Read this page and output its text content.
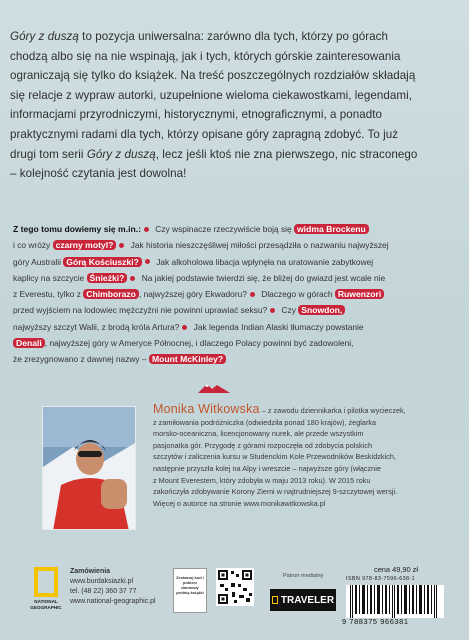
Góry z duszą to pozycja uniwersalna: zarówno dla tych, którzy po górach
chodzą albo się na nie wspinają, jak i tych, których górskie zainteresowania
ograniczają się tylko do książek. Na treść poszczególnych rozdziałów składają
się relacje z wypraw autorki, uzupełnione wieloma ciekawostkami, legendami,
informacjami przyrodniczymi, historycznymi, etnograficznymi, a ponadto
praktycznymi radami dla tych, którzy opisane góry zapragną zdobyć. To już
drugi tom serii Góry z duszą, lecz jeśli ktoś nie zna pierwszego, nic straconego
– kolejność czytania jest dowolna!
Z tego tomu dowiemy się m.in.: Czy wspinacze rzeczywiście boją się widma Brockenu
i co wróży czarny motyl? Jak historia nieszczęśliwej miłości przesądziła o nazwaniu najwyższej
góry Australii Górą Kościuszki? Jak alkoholowa libacja wpłynęła na uratowanie zabytkowej
kaplicy na szczycie Śnieżki? Na jakiej podstawie twierdzi się, że bliżej do gwiazd jest wcale nie
z Everestu, tylko z Chimborazo , najwyższej góry Ekwadoru? Dlaczego w górach Ruwenzori
przed wyjściem na lodowiec mężczyźni nie powinni uprawiać seksu? Czy Snowdon,
najwyższy szczyt Walii, z brodą króla Artura? Jak legenda Indian Alaski tłumaczy powstanie
Denali , najwyższej góry w Ameryce Północnej, i dlaczego Polacy powinni być zadowoleni,
że zrezygnowano z dawnej nazwy – Mount McKinley?
Monika Witkowska – z zawodu dziennikarka i pilotka wycieczek,
z zamiłowania podróżniczka (odwiedziła ponad 180 krajów), żeglarka
morsko-oceaniczna, licencjonowany nurek, ale przede wszystkim
pasjonatka gór. Przygodę z górami rozpoczęła od zdobycia polskich
szczytów i zaliczenia kursu w Studenckim Kole Przewodników Beskidzkich,
następnie przyszła kolej na Alpy i wreszcie – najwyższe góry (włącznie
z Mount Everestem, który zdobyła w maju 2013 roku). W 2015 roku
zakończyła zdobywanie Korony Ziemi w najtrudniejszej 9-szczytowej wersji.
Więcej o autorce na stronie www.monikawitkowska.pl
NATIONAL GEOGRAPHIC
Zamówienia
www.burdaksiazki.pl
tel. (48 22) 360 37 77
www.national-geographic.pl
Zeskanuj kod i pobierz darmowy próbkę książki
Patron medialny
TRAVELER
cena 49,90 zł
ISBN 978-83-7596-638-1
9 788375 966381
